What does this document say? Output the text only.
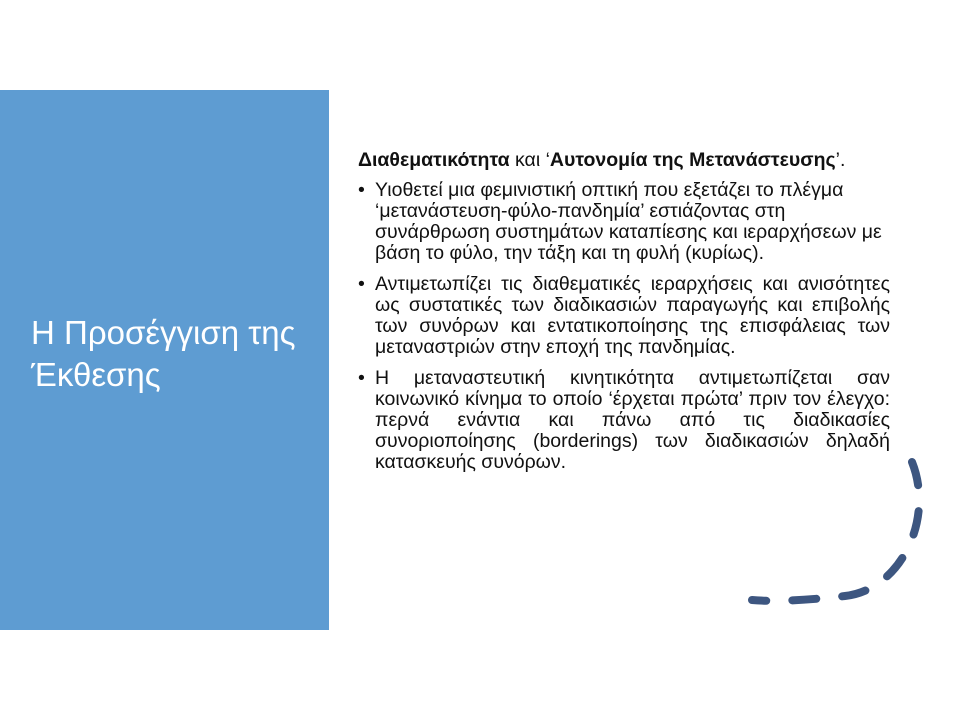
Η Προσέγγιση της Έκθεσης

Διαθεματικότητα και ‘Αυτονομία της Μετανάστευσης’.

• Υιοθετεί μια φεμινιστική οπτική που εξετάζει το πλέγμα ‘μετανάστευση-φύλο-πανδημία’ εστιάζοντας στη συνάρθρωση συστημάτων καταπίεσης και ιεραρχήσεων με βάση το φύλο, την τάξη και τη φυλή (κυρίως).
• Αντιμετωπίζει τις διαθεματικές ιεραρχήσεις και ανισότητες ως συστατικές των διαδικασιών παραγωγής και επιβολής των συνόρων και εντατικοποίησης της επισφάλειας των μεταναστριών στην εποχή της πανδημίας.
• Η μεταναστευτική κινητικότητα αντιμετωπίζεται σαν κοινωνικό κίνημα το οποίο ‘έρχεται πρώτα’ πριν τον έλεγχο: περνά ενάντια και πάνω από τις διαδικασίες συνοριοποίησης (borderings) των διαδικασιών δηλαδή κατασκευής συνόρων.
